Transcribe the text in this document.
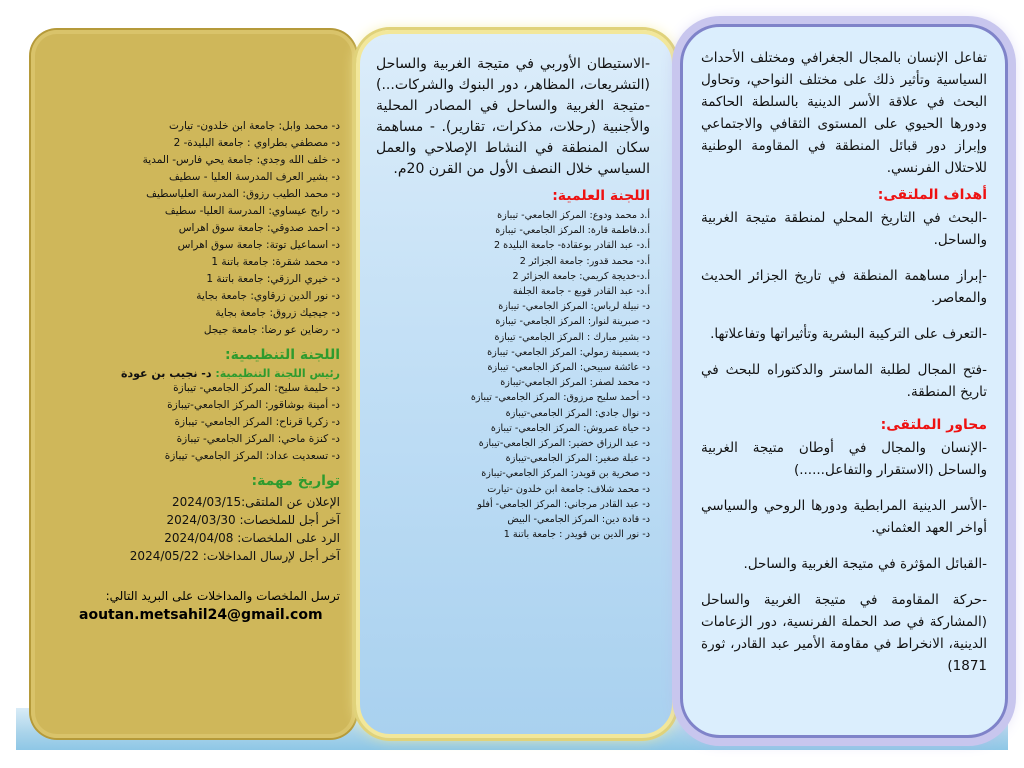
د- محمد وابل: جامعة ابن خلدون- تيارت
د- مصطفي بطراوي : جامعة البليدة- 2
د- خلف الله وجدي: جامعة يحي فارس- المدية
د- بشير العرف المدرسة العليا - سطيف
د- محمد الطيب رزوق: المدرسة العلياسطيف
د- رابح عيساوي: المدرسة العليا- سطيف
د- احمد صدوقي: جامعة سوق اهراس
د- اسماعيل توتة: جامعة سوق اهراس
د- محمد شقرة: جامعة باتنة 1
د- خيري الرزقي: جامعة باتنة 1
د- نور الدين زرقاوي: جامعة بجاية
د- جيجيك زروق: جامعة بجاية
د- رضاين عو رضا: جامعة جيجل
اللجنة التنظيمية:
رئيس اللجنة التنظيمية: د- نجيب بن عودة
د- حليمة سليح: المركز الجامعي- تيبازة
د- أمينة بوشاقور: المركز الجامعي-تيبازة
د- زكريا قرناح: المركز الجامعي- تيبازة
د- كنزة ماحي: المركز الجامعي- تيبازة
د- تسعديت عداد: المركز الجامعي- تيبازة
تواريخ مهمة:
الإعلان عن الملتقى:2024/03/15
آخر أجل للملخصات: 2024/03/30
الرد على الملخصات: 2024/04/08
آخر أجل لإرسال المداخلات: 2024/05/22
ترسل الملخصات والمداخلات على البريد التالي:
aoutan.metsahil24@gmail.com

-الاستيطان الأوربي في متيجة الغربية والساحل (التشريعات، المظاهر، دور البنوك والشركات...) -متيجة الغربية والساحل في المصادر المحلية والأجنبية (رحلات، مذكرات، تقارير). - مساهمة سكان المنطقة في النشاط الإصلاحي والعمل السياسي خلال النصف الأول من القرن 20م.

اللجنة العلمية:
أ.د محمد ودوع: المركز الجامعي- تيبازة
أ.د.فاطمة قارة: المركز الجامعي- تيبازة
أ.د- عبد القادر بوعقادة- جامعة البليدة 2
أ.د- محمد قدور: جامعة الجزائر 2
أ.د-خديجة كريمي: جامعة الجزائر 2
أ.د- عبد القادر قوبع - جامعة الجلفة
د- نبيلة لرباس: المركز الجامعي- تيبازة
د- صبرينة لنوار: المركز الجامعي- تيبازة
د- بشير مبارك : المركز الجامعي- تيبازة
د- يسمينة زمولي: المركز الجامعي- تيبازة
د- عائشة سبيحي: المركز الجامعي- تيبازة
د- محمد لصفر: المركز الجامعي-تيبازة
د- أحمد سليح مرزوق: المركز الجامعي- تيبازة
د- نوال جادي: المركز الجامعي-تيبازة
د- حياة عمروش: المركز الجامعي- تيبازة
د- عبد الرزاق خضير: المركز الجامعي-تيبازة
د- عبلة صغير: المركز الجامعي-تيبازة
د- صخرية بن قويدر: المركز الجامعي-تيبازة
د- محمد شلاف: جامعة ابن خلدون -تيارت
د- عبد القادر مرجاني: المركز الجامعي- أفلو
د- قادة دين: المركز الجامعي- البيض
د- نور الدين بن قويدر : جامعة باتنة 1

تفاعل الإنسان بالمجال الجغرافي ومختلف الأحداث السياسية وتأثير ذلك على مختلف النواحي، وتحاول البحث في علاقة الأسر الدينية بالسلطة الحاكمة ودورها الحيوي على المستوى الثقافي والاجتماعي وإبراز دور قبائل المنطقة في المقاومة الوطنية للاحتلال الفرنسي.

أهداف الملتقى:

-البحث في التاريخ المحلي لمنطقة متيجة الغربية والساحل.

-إبراز مساهمة المنطقة في تاريخ الجزائر الحديث والمعاصر.

-التعرف على التركيبة البشرية وتأثيراتها وتفاعلاتها.

-فتح المجال لطلبة الماستر والدكتوراه للبحث في تاريخ المنطقة.

محاور الملتقى:

-الإنسان والمجال في أوطان متيجة الغربية والساحل (الاستقرار والتفاعل......)

-الأسر الدينية المرابطية ودورها الروحي والسياسي أواخر العهد العثماني.

-القبائل المؤثرة في متيجة الغربية والساحل.

-حركة المقاومة في متيجة الغربية والساحل (المشاركة في صد الحملة الفرنسية، دور الزعامات الدينية، الانخراط في مقاومة الأمير عبد القادر، ثورة 1871)
